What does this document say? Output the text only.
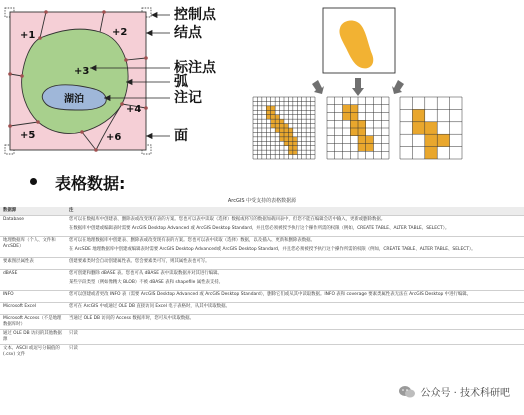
+1	+2
+3
+4
+5	+6
湖泊
控制点
结点
标注点
弧
注记
面
表格数据:
ArcGIS 中受支持的表格数据源
数据源	注
Database	您可以在数据库中创建表、删除表或改变现有表的方案。您也可以表中读取（选择）数据或将写的数据加载回表中，但您不能在编辑会话中输入，更新或删除数据。

在数据库中创建或编辑表时需要 ArcGIS Desktop Advanced 或 ArcGIS Desktop Standard，并且您必须被授予执行这个操作所需的权限（例如，CREATE TABLE、ALTER TABLE、SELECT）。

地理数据库（个人、文件和 ArcSDE）	您可以在地理数据库中创建表、删除表或改变现有表的方案。您也可以表中读取（选择）数据，以及插入、更新和删除表数据。

在 ArcSDE 地理数据库中创建或编辑表时需要 ArcGIS Desktop Advanced或 ArcGIS Desktop Standard，并且您必须被授予执行这个操作所需的权限（例如，CREATE TABLE、ALTER TABLE、SELECT）。

要素图层属性表	创建要素类时会自动创建属性表。您会要素类可写，则其属性表也可写。

dBASE	您可创建和删除 dBASE 表。您也可从 dBASE 表中读取数据并对其进行编辑。

某些字段类型（例如像精大 BLOB）不被 dBASE 表和 shapefile 属性表支持。

INFO	您可以创建或者更改 INFO 表（需要 ArcGIS Desktop Advanced 或 ArcGIS Desktop Standard），删除它们或从其中读取数据。INFO 表和 coverage 要素类属性表无法在 ArcGIS Desktop 中进行编辑。

Microsoft Excel	您可在 ArcGIS 中或通过 OLE DB 直接访问 Excel 电子表格时，从其中读取数据。

Microsoft Access（不是地理数据库时）	当通过 OLE DB 访问的 Access 数据库时，您可从中读取数据。

通过 OLE DB 访问的其他数据源	只读

文本、ASCII 或逗号分隔值的 (.csv) 文件	只读

公众号 · 技术科研吧
